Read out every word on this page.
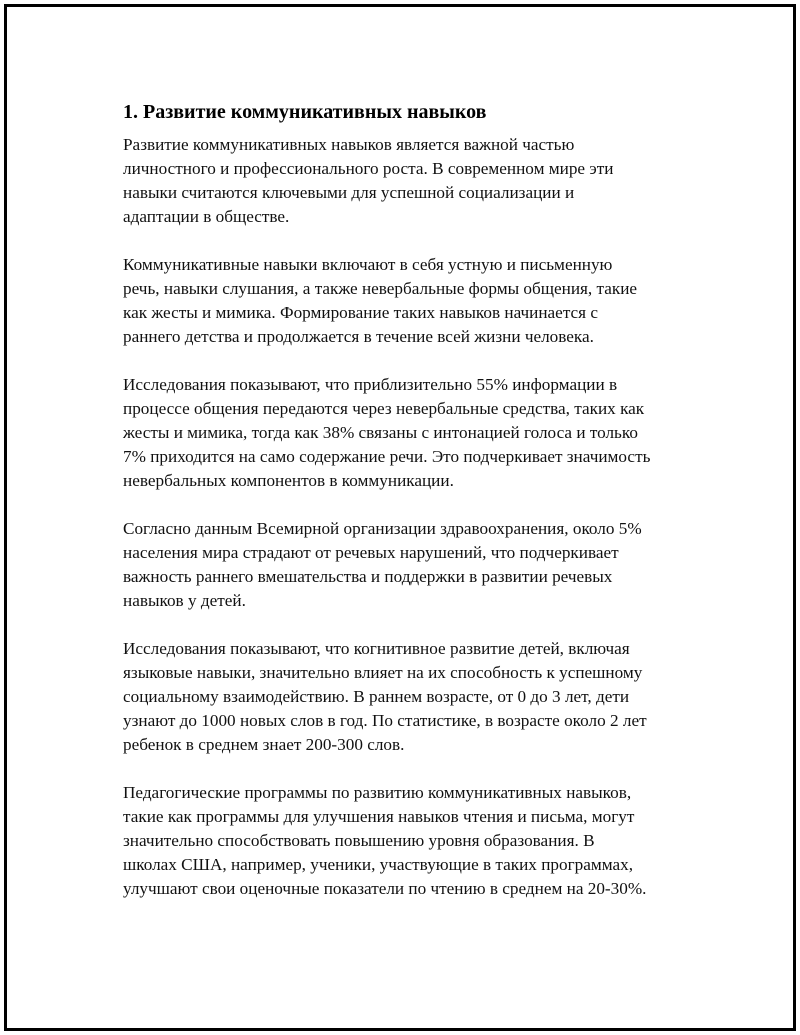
1. Развитие коммуникативных навыков

Развитие коммуникативных навыков является важной частью
личностного и профессионального роста. В современном мире эти
навыки считаются ключевыми для успешной социализации и
адаптации в обществе.

Коммуникативные навыки включают в себя устную и письменную
речь, навыки слушания, а также невербальные формы общения, такие
как жесты и мимика. Формирование таких навыков начинается с
раннего детства и продолжается в течение всей жизни человека.

Исследования показывают, что приблизительно 55% информации в
процессе общения передаются через невербальные средства, таких как
жесты и мимика, тогда как 38% связаны с интонацией голоса и только
7% приходится на само содержание речи. Это подчеркивает значимость
невербальных компонентов в коммуникации.

Согласно данным Всемирной организации здравоохранения, около 5%
населения мира страдают от речевых нарушений, что подчеркивает
важность раннего вмешательства и поддержки в развитии речевых
навыков у детей.

Исследования показывают, что когнитивное развитие детей, включая
языковые навыки, значительно влияет на их способность к успешному
социальному взаимодействию. В раннем возрасте, от 0 до 3 лет, дети
узнают до 1000 новых слов в год. По статистике, в возрасте около 2 лет
ребенок в среднем знает 200-300 слов.

Педагогические программы по развитию коммуникативных навыков,
такие как программы для улучшения навыков чтения и письма, могут
значительно способствовать повышению уровня образования. В
школах США, например, ученики, участвующие в таких программах,
улучшают свои оценочные показатели по чтению в среднем на 20-30%.
